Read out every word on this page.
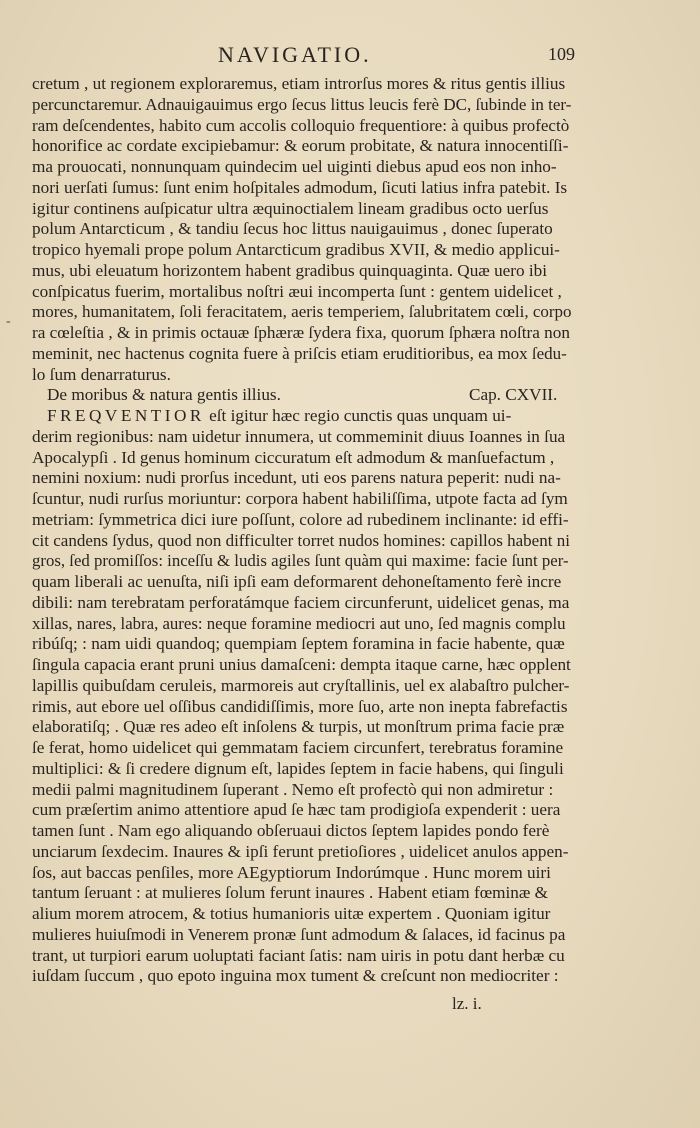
NAVIGATIO.	109
-
cretum , ut regionem exploraremus, etiam introrſus mores & ritus gentis illius
percunctaremur. Adnauigauimus ergo ſecus littus leucis ferè DC, ſubinde in ter-
ram deſcendentes, habito cum accolis colloquio frequentiore: à quibus profectò
honorifice ac cordate excipiebamur: & eorum probitate, & natura innocentiſſi-
ma prouocati, nonnunquam quindecim uel uiginti diebus apud eos non inho-
nori uerſati ſumus: ſunt enim hoſpitales admodum, ſicuti latius infra patebit. Is
igitur continens auſpicatur ultra æquinoctialem lineam gradibus octo uerſus
polum Antarcticum , & tandiu ſecus hoc littus nauigauimus , donec ſuperato
tropico hyemali prope polum Antarcticum gradibus XVII, & medio applicui-
mus, ubi eleuatum horizontem habent gradibus quinquaginta. Quæ uero ibi
conſpicatus fuerim, mortalibus noſtri æui incomperta ſunt : gentem uidelicet ,
mores, humanitatem, ſoli feracitatem, aeris temperiem, ſalubritatem cœli, corpo
ra cœleſtia , & in primis octauæ ſphæræ ſydera fixa, quorum ſphæra noſtra non
meminit, nec hactenus cognita fuere à priſcis etiam eruditioribus, ea mox ſedu-
lo ſum denarraturus.
De moribus & natura gentis illius.	Cap. CXVII.
FREQVENTIOR eſt igitur hæc regio cunctis quas unquam ui-
derim regionibus: nam uidetur innumera, ut commeminit diuus Ioannes in ſua
Apocalypſi . Id genus hominum ciccuratum eſt admodum & manſuefactum ,
nemini noxium: nudi prorſus incedunt, uti eos parens natura peperit: nudi na-
ſcuntur, nudi rurſus moriuntur: corpora habent habiliſſima, utpote facta ad ſym
metriam: ſymmetrica dici iure poſſunt, colore ad rubedinem inclinante: id effi-
cit candens ſydus, quod non difficulter torret nudos homines: capillos habent ni
gros, ſed promiſſos: inceſſu & ludis agiles ſunt quàm qui maxime: facie ſunt per-
quam liberali ac uenuſta, niſi ipſi eam deformarent dehoneſtamento ferè incre
dibili: nam terebratam perforatámque faciem circunferunt, uidelicet genas, ma
xillas, nares, labra, aures: neque foramine mediocri aut uno, ſed magnis complu
ribúſq; : nam uidi quandoq; quempiam ſeptem foramina in facie habente, quæ
ſingula capacia erant pruni unius damaſceni: dempta itaque carne, hæc opplent
lapillis quibuſdam ceruleis, marmoreis aut cryſtallinis, uel ex alabaſtro pulcher-
rimis, aut ebore uel oſſibus candidiſſimis, more ſuo, arte non inepta fabrefactis
elaboratiſq; . Quæ res adeo eſt inſolens & turpis, ut monſtrum prima facie præ
ſe ferat, homo uidelicet qui gemmatam faciem circunfert, terebratus foramine
multiplici: & ſi credere dignum eſt, lapides ſeptem in facie habens, qui ſinguli
medii palmi magnitudinem ſuperant . Nemo eſt profectò qui non admiretur :
cum præſertim animo attentiore apud ſe hæc tam prodigioſa expenderit : uera
tamen ſunt . Nam ego aliquando obſeruaui dictos ſeptem lapides pondo ferè
unciarum ſexdecim. Inaures & ipſi ferunt pretioſiores , uidelicet anulos appen-
ſos, aut baccas penſiles, more AEgyptiorum Indorúmque . Hunc morem uiri
tantum ſeruant : at mulieres ſolum ferunt inaures . Habent etiam fœminæ &
alium morem atrocem, & totius humanioris uitæ expertem . Quoniam igitur
mulieres huiuſmodi in Venerem pronæ ſunt admodum & ſalaces, id facinus pa
trant, ut turpiori earum uoluptati faciant ſatis: nam uiris in potu dant herbæ cu
iuſdam ſuccum , quo epoto inguina mox tument & creſcunt non mediocriter :
lz. i.
